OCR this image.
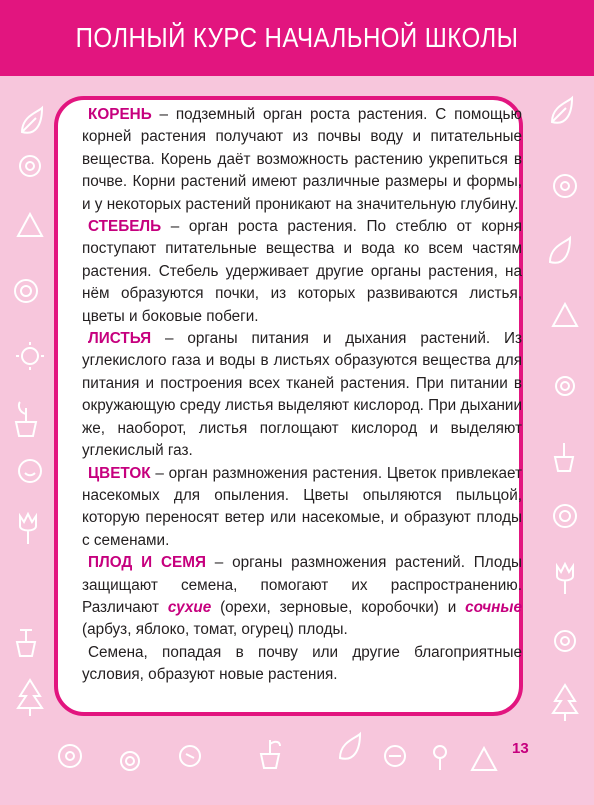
ПОЛНЫЙ КУРС НАЧАЛЬНОЙ ШКОЛЫ

КОРЕНЬ – подземный орган роста растения. С помощью корней растения получают из почвы воду и питательные вещества. Корень даёт возможность растению укрепиться в почве. Корни растений имеют различные размеры и формы, и у некоторых растений проникают на значительную глубину.

СТЕБЕЛЬ – орган роста растения. По стеблю от корня поступают питательные вещества и вода ко всем частям растения. Стебель удерживает другие органы растения, на нём образуются почки, из которых развиваются листья, цветы и боковые побеги.

ЛИСТЬЯ – органы питания и дыхания растений. Из углекислого газа и воды в листьях образуются вещества для питания и построения всех тканей растения. При питании в окружающую среду листья выделяют кислород. При дыхании же, наоборот, листья поглощают кислород и выделяют углекислый газ.

ЦВЕТОК – орган размножения растения. Цветок привлекает насекомых для опыления. Цветы опыляются пыльцой, которую переносят ветер или насекомые, и образуют плоды с семенами.

ПЛОД И СЕМЯ – органы размножения растений. Плоды защищают семена, помогают их распространению. Различают сухие (орехи, зерновые, коробочки) и сочные (арбуз, яблоко, томат, огурец) плоды.

Семена, попадая в почву или другие благоприятные условия, образуют новые растения.

13
